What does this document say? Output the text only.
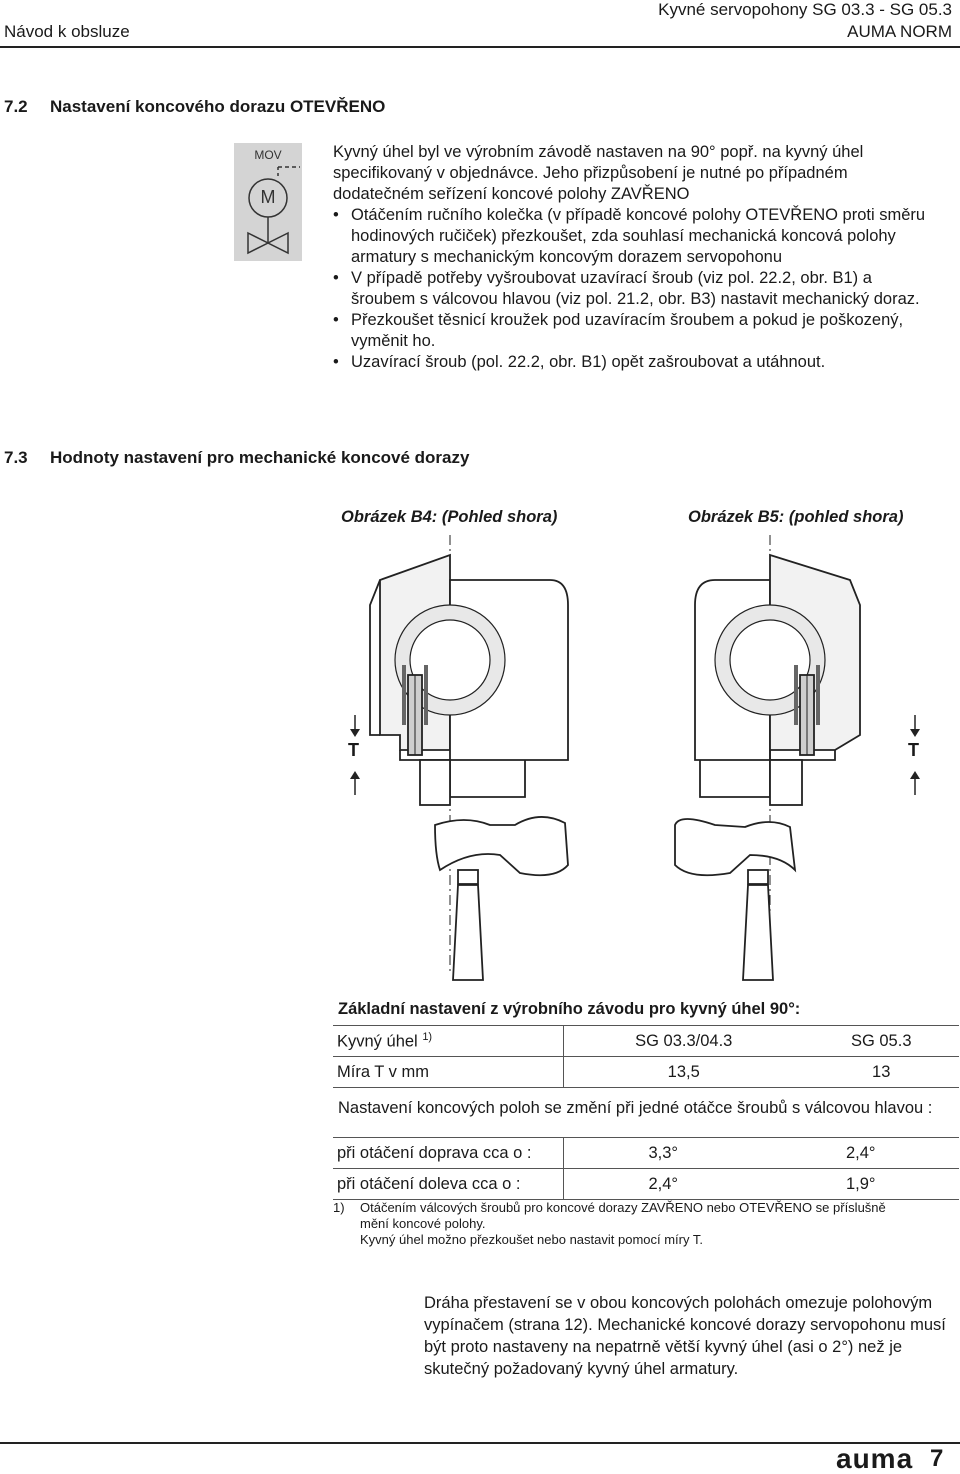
Kyvné servopohony SG 03.3 - SG 05.3
Návod k obsluze	AUMA NORM
7.2 Nastavení koncového dorazu OTEVŘENO
MOV
M
Kyvný úhel byl ve výrobním závodě nastaven na 90° popř. na kyvný úhel specifikovaný v objednávce. Jeho přizpůsobení je nutné po případném dodatečném seřízení koncové polohy ZAVŘENO
• Otáčením ručního kolečka (v případě koncové polohy OTEVŘENO proti směru hodinových ručiček) přezkoušet, zda souhlasí mechanická koncová polohy armatury s mechanickým koncovým dorazem servopohonu
• V případě potřeby vyšroubovat uzavírací šroub (viz pol. 22.2, obr. B1) a šroubem s válcovou hlavou (viz pol. 21.2, obr. B3) nastavit mechanický doraz.
• Přezkoušet těsnicí kroužek pod uzavíracím šroubem a pokud je poškozený, vyměnit ho.
• Uzavírací šroub (pol. 22.2, obr. B1) opět zašroubovat a utáhnout.
7.3 Hodnoty nastavení pro mechanické koncové dorazy
Obrázek B4: (Pohled shora)	Obrázek B5: (pohled shora)
T	T
Základní nastavení z výrobního závodu pro kyvný úhel 90°:
Kyvný úhel $^{1)}$	SG 03.3/04.3	SG 05.3
Míra T v mm	13,5	13
Nastavení koncových poloh se změní při jedné otáčce šroubů s válcovou hlavou :
při otáčení doprava cca o :	3,3°	2,4°
při otáčení doleva cca o :	2,4°	1,9°
1) Otáčením válcových šroubů pro koncové dorazy ZAVŘENO nebo OTEVŘENO se příslušně mění koncové polohy.
Kyvný úhel možno přezkoušet nebo nastavit pomocí míry T.
Dráha přestavení se v obou koncových polohách omezuje polohovým vypínačem (strana 12). Mechanické koncové dorazy servopohonu musí být proto nastaveny na nepatrně větší kyvný úhel (asi o 2°) než je skutečný požadovaný kyvný úhel armatury.
auma 7
